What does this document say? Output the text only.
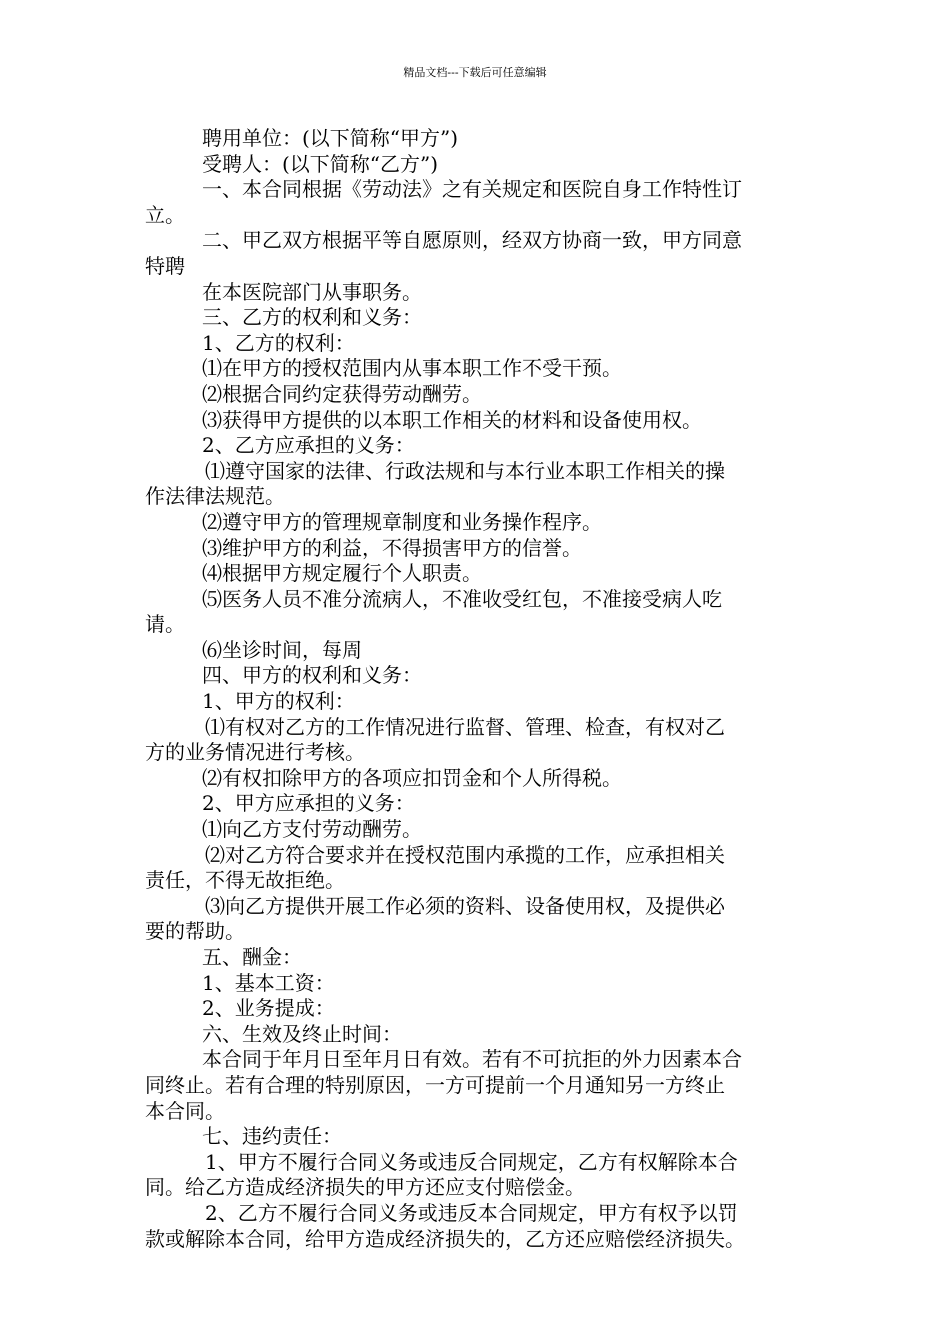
精品文档---下载后可任意编辑
聘用单位：(以下简称“甲方”)
受聘人：(以下简称“乙方”)
一、本合同根据《劳动法》之有关规定和医院自身工作特性订
立。
二、甲乙双方根据平等自愿原则，经双方协商一致，甲方同意
特聘
在本医院部门从事职务。
三、乙方的权利和义务：
1、乙方的权利：
⑴在甲方的授权范围内从事本职工作不受干预。
⑵根据合同约定获得劳动酬劳。
⑶获得甲方提供的以本职工作相关的材料和设备使用权。
2、乙方应承担的义务：
⑴遵守国家的法律、行政法规和与本行业本职工作相关的操
作法律法规范。
⑵遵守甲方的管理规章制度和业务操作程序。
⑶维护甲方的利益，不得损害甲方的信誉。
⑷根据甲方规定履行个人职责。
⑸医务人员不准分流病人，不准收受红包，不准接受病人吃
请。
⑹坐诊时间，每周
四、甲方的权利和义务：
1、甲方的权利：
⑴有权对乙方的工作情况进行监督、管理、检查，有权对乙
方的业务情况进行考核。
⑵有权扣除甲方的各项应扣罚金和个人所得税。
2、甲方应承担的义务：
⑴向乙方支付劳动酬劳。
⑵对乙方符合要求并在授权范围内承揽的工作，应承担相关
责任，不得无故拒绝。
⑶向乙方提供开展工作必须的资料、设备使用权，及提供必
要的帮助。
五、酬金：
1、基本工资：
2、业务提成：
六、生效及终止时间：
本合同于年月日至年月日有效。若有不可抗拒的外力因素本合
同终止。若有合理的特别原因，一方可提前一个月通知另一方终止
本合同。
七、违约责任：
1、甲方不履行合同义务或违反合同规定，乙方有权解除本合
同。给乙方造成经济损失的甲方还应支付赔偿金。
2、乙方不履行合同义务或违反本合同规定，甲方有权予以罚
款或解除本合同，给甲方造成经济损失的，乙方还应赔偿经济损失。
